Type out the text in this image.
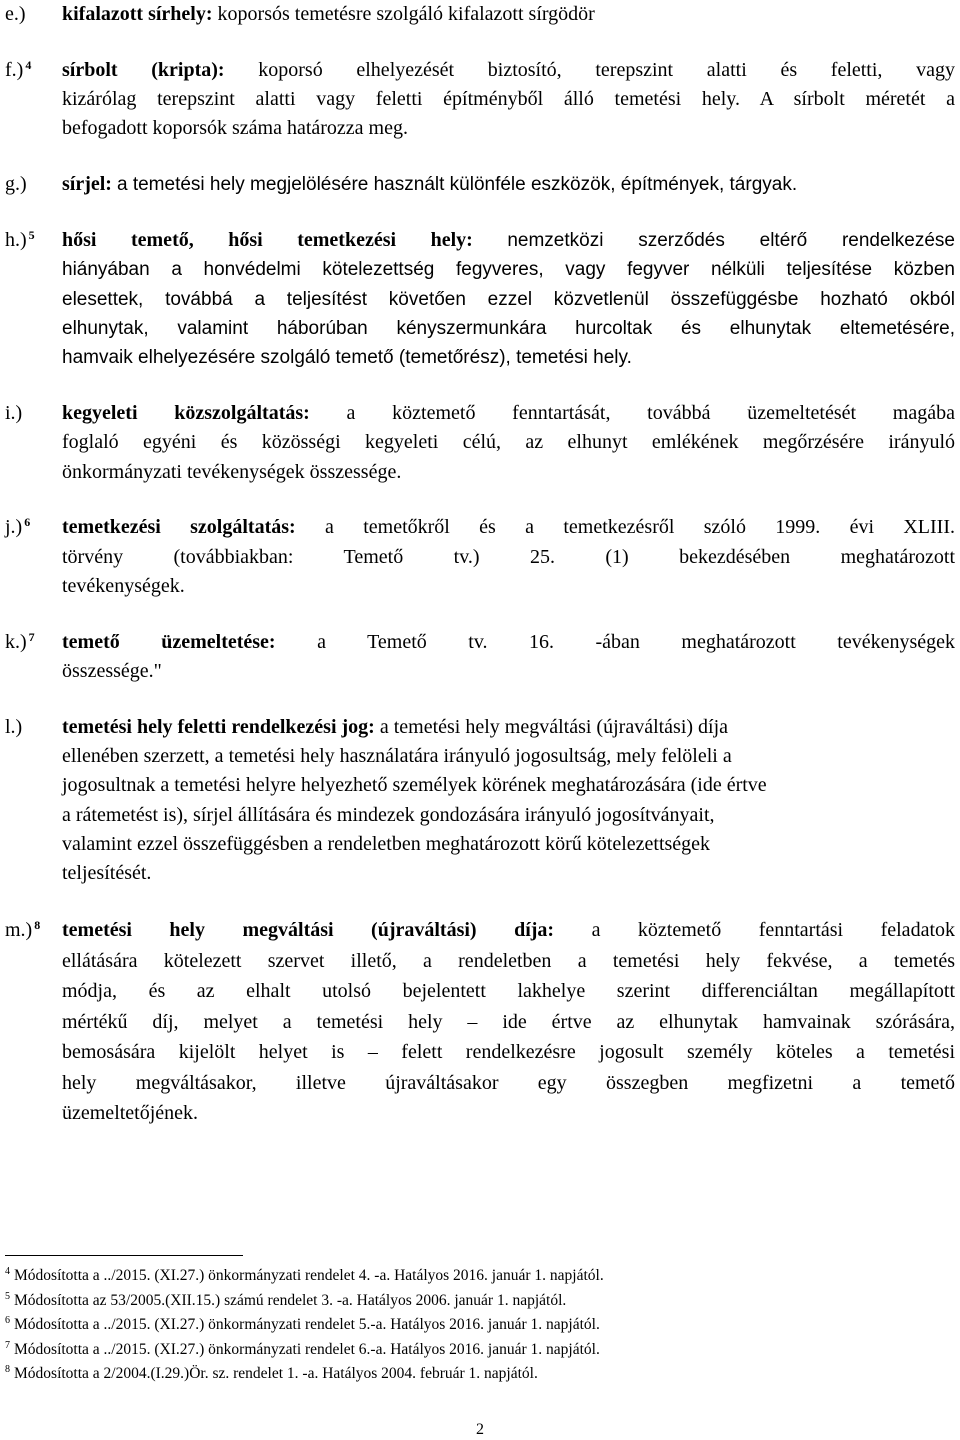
e.) kifalazott sírhely: koporsós temetésre szolgáló kifalazott sírgödör
f.) $^4$ sírbolt (kripta): koporsó elhelyezését biztosító, terepszint alatti és feletti, vagy
kizárólag terepszint alatti vagy feletti építményből álló temetési hely. A sírbolt méretét a
befogadott koporsók száma határozza meg.
g.) sírjel: a temetési hely megjelölésére használt különféle eszközök, építmények, tárgyak.
h.) $^5$ hősi temető, hősi temetkezési hely: nemzetközi szerződés eltérő rendelkezése
hiányában a honvédelmi kötelezettség fegyveres, vagy fegyver nélküli teljesítése közben
elesettek, továbbá a teljesítést követően ezzel közvetlenül összefüggésbe hozható okból
elhunytak, valamint háborúban kényszermunkára hurcoltak és elhunytak eltemetésére,
hamvaik elhelyezésére szolgáló temető (temetőrész), temetési hely.
i.) kegyeleti közszolgáltatás: a köztemető fenntartását, továbbá üzemeltetését magába
foglaló egyéni és közösségi kegyeleti célú, az elhunyt emlékének megőrzésére irányuló
önkormányzati tevékenységek összessége.
j.) $^6$ temetkezési szolgáltatás: a temetőkről és a temetkezésről szóló 1999. évi XLIII.
törvény (továbbiakban: Temető tv.) 25. (1) bekezdésében meghatározott
tevékenységek.
k.) $^7$ temető üzemeltetése: a Temető tv. 16. -ában meghatározott tevékenységek
összessége."
l.) temetési hely feletti rendelkezési jog: a temetési hely megváltási (újraváltási) díja
ellenében szerzett, a temetési hely használatára irányuló jogosultság, mely felöleli a
jogosultnak a temetési helyre helyezhető személyek körének meghatározására (ide értve
a rátemetést is), sírjel állítására és mindezek gondozására irányuló jogosítványait,
valamint ezzel összefüggésben a rendeletben meghatározott körű kötelezettségek
teljesítését.
m.) $^8$ temetési hely megváltási (újraváltási) díja: a köztemető fenntartási feladatok
ellátására kötelezett szervet illető, a rendeletben a temetési hely fekvése, a temetés
módja, és az elhalt utolsó bejelentett lakhelye szerint differenciáltan megállapított
mértékű díj, melyet a temetési hely – ide értve az elhunytak hamvainak szórására,
bemosására kijelölt helyet is – felett rendelkezésre jogosult személy köteles a temetési
hely megváltásakor, illetve újraváltásakor egy összegben megfizetni a temető
üzemeltetőjének.
$^4$ Módosította a ../2015. (XI.27.) önkormányzati rendelet 4. -a. Hatályos 2016. január 1. napjától.
$^5$ Módosította az 53/2005.(XII.15.) számú rendelet 3. -a. Hatályos 2006. január 1. napjától.
$^6$ Módosította a ../2015. (XI.27.) önkormányzati rendelet 5.-a. Hatályos 2016. január 1. napjától.
$^7$ Módosította a ../2015. (XI.27.) önkormányzati rendelet 6.-a. Hatályos 2016. január 1. napjától.
$^8$ Módosította a 2/2004.(I.29.)Ör. sz. rendelet 1. -a. Hatályos 2004. február 1. napjától.
2
